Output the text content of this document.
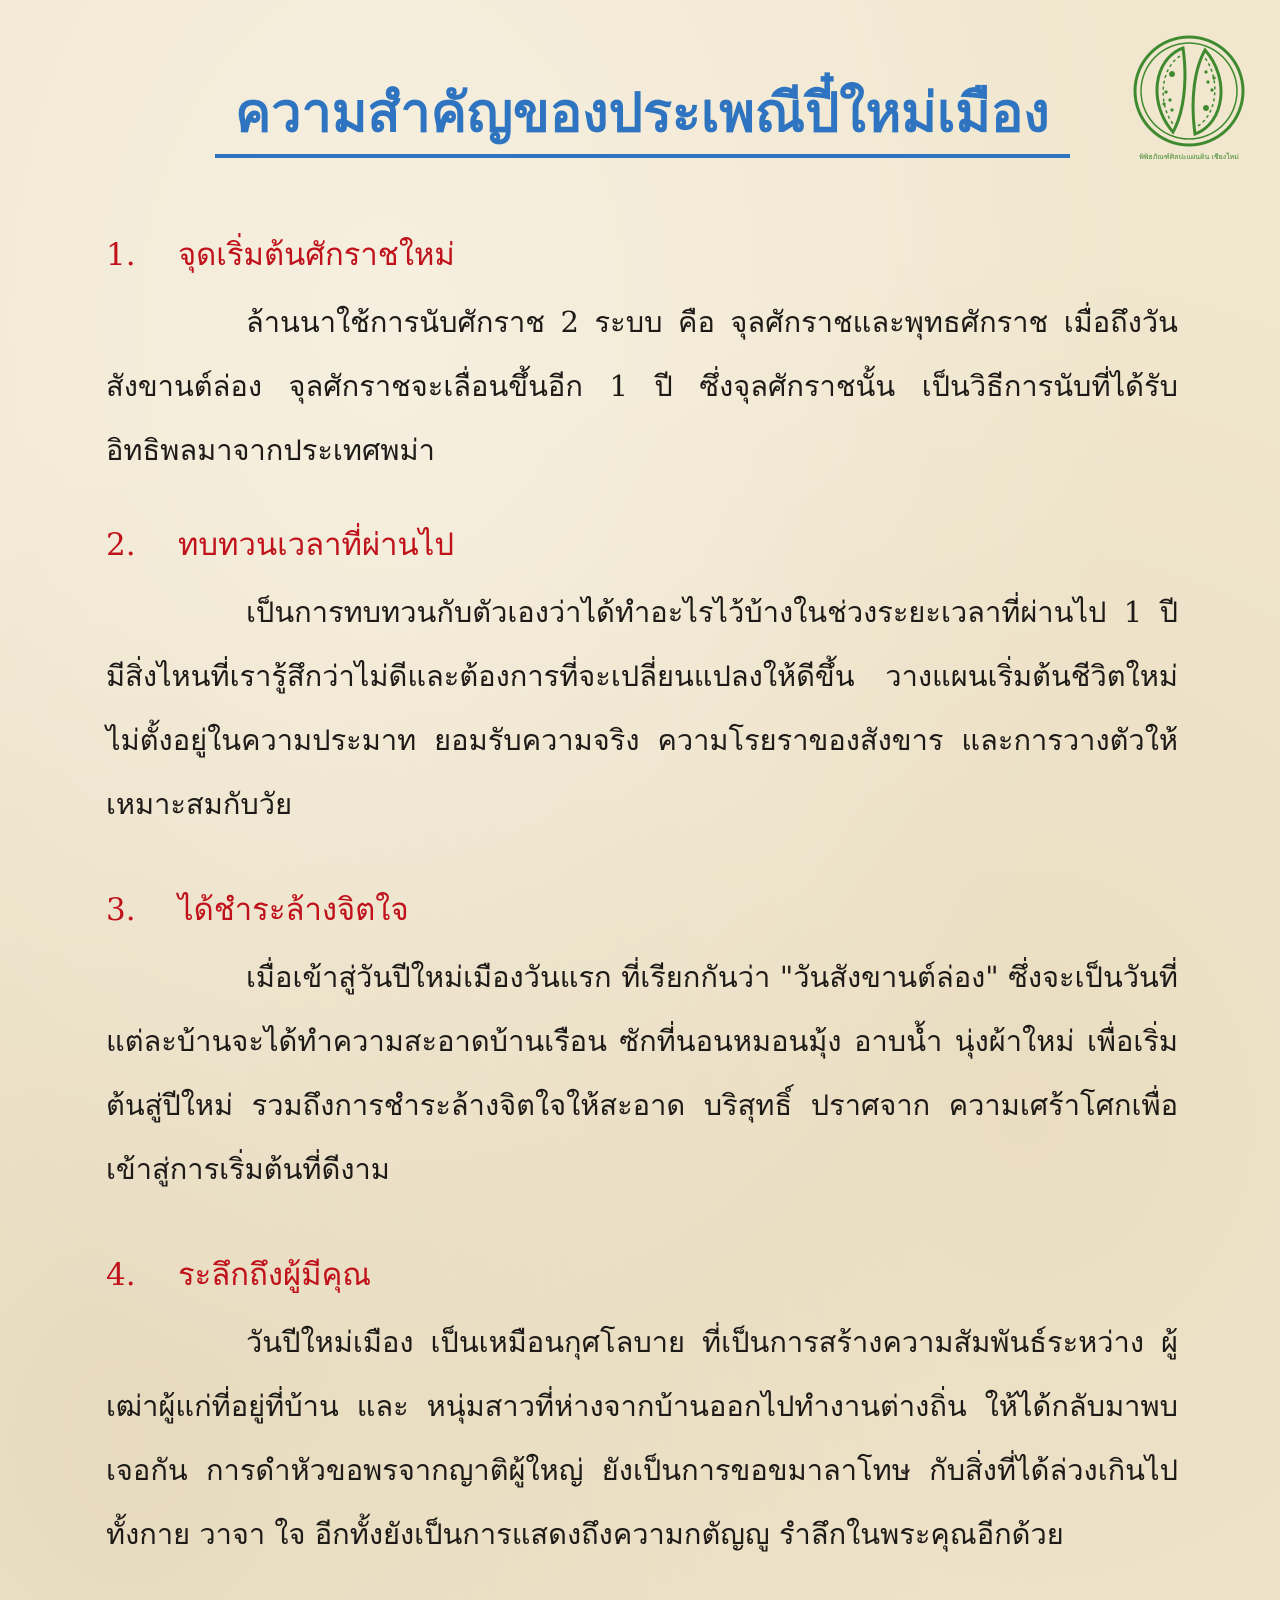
พิพิธภัณฑ์ศิลปะแผ่นดิน เชียงใหม่
ความสำคัญของประเพณีปี๋ใหม่เมือง
1.	จุดเริ่มต้นศักราชใหม่

ล้านนาใช้การนับศักราช 2 ระบบ คือ จุลศักราชและพุทธศักราช เมื่อถึงวันสังขานต์ล่อง จุลศักราชจะเลื่อนขึ้นอีก 1 ปี ซึ่งจุลศักราชนั้น เป็นวิธีการนับที่ได้รับอิทธิพลมาจากประเทศพม่า

2.	ทบทวนเวลาที่ผ่านไป

เป็นการทบทวนกับตัวเองว่าได้ทำอะไรไว้บ้างในช่วงระยะเวลาที่ผ่านไป 1 ปี มีสิ่งไหนที่เรารู้สึกว่าไม่ดีและต้องการที่จะเปลี่ยนแปลงให้ดีขึ้น วางแผนเริ่มต้นชีวิตใหม่ ไม่ตั้งอยู่ในความประมาท ยอมรับความจริง ความโรยราของสังขาร และการวางตัวให้เหมาะสมกับวัย

3.	ได้ชำระล้างจิตใจ

เมื่อเข้าสู่วันปีใหม่เมืองวันแรก ที่เรียกกันว่า "วันสังขานต์ล่อง" ซึ่งจะเป็นวันที่แต่ละบ้านจะได้ทำความสะอาดบ้านเรือน ซักที่นอนหมอนมุ้ง อาบน้ำ นุ่งผ้าใหม่ เพื่อเริ่มต้นสู่ปีใหม่ รวมถึงการชำระล้างจิตใจให้สะอาด บริสุทธิ์ ปราศจาก ความเศร้าโศกเพื่อเข้าสู่การเริ่มต้นที่ดีงาม

4.	ระลึกถึงผู้มีคุณ

วันปีใหม่เมือง เป็นเหมือนกุศโลบาย ที่เป็นการสร้างความสัมพันธ์ระหว่าง ผู้เฒ่าผู้แก่ที่อยู่ที่บ้าน และ หนุ่มสาวที่ห่างจากบ้านออกไปทำงานต่างถิ่น ให้ได้กลับมาพบเจอกัน การดำหัวขอพรจากญาติผู้ใหญ่ ยังเป็นการขอขมาลาโทษ กับสิ่งที่ได้ล่วงเกินไปทั้งกาย วาจา ใจ อีกทั้งยังเป็นการแสดงถึงความกตัญญู รำลึกในพระคุณอีกด้วย
